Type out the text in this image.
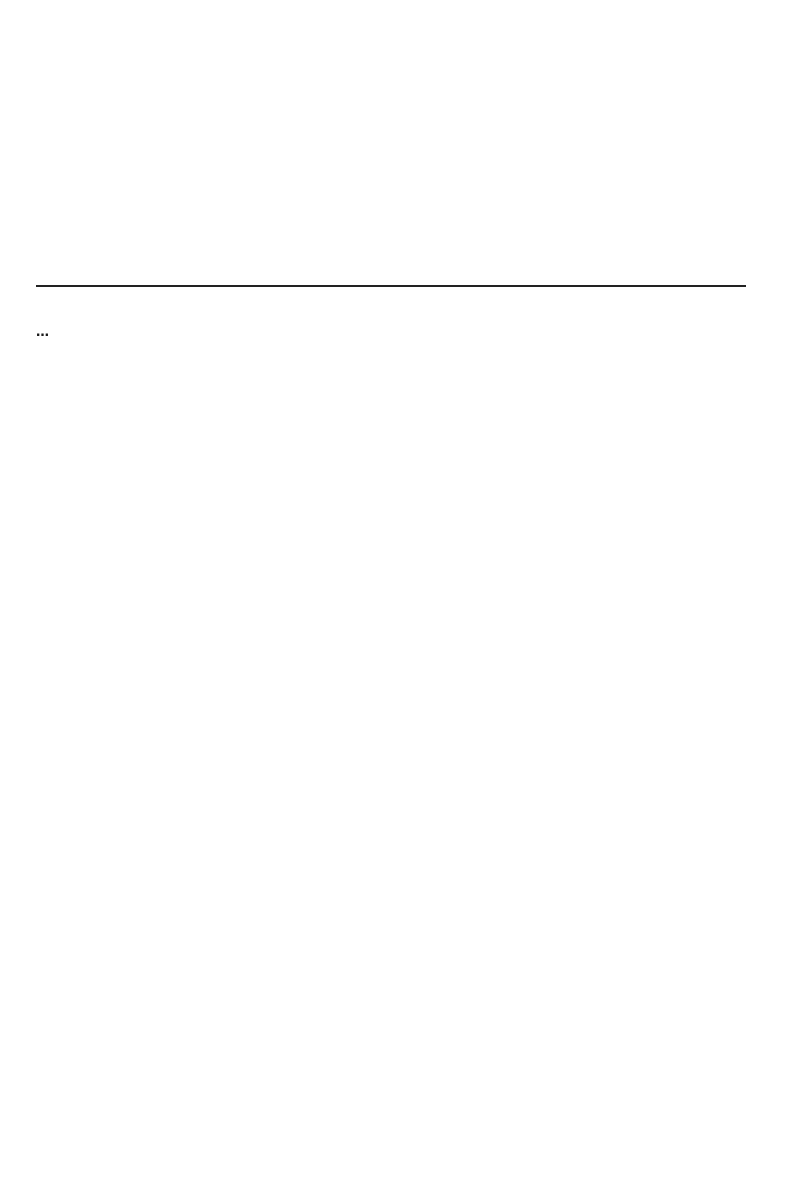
…
